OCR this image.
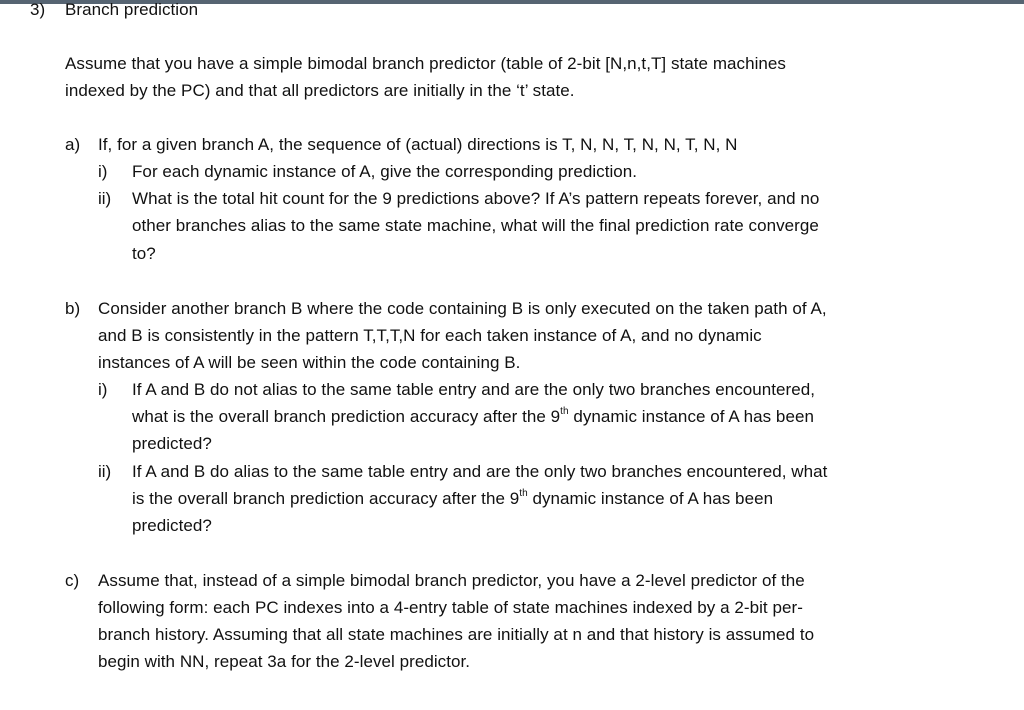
3) Branch prediction
Assume that you have a simple bimodal branch predictor (table of 2-bit [N,n,t,T] state machines
indexed by the PC) and that all predictors are initially in the ‘t’ state.
a) If, for a given branch A, the sequence of (actual) directions is T, N, N, T, N, N, T, N, N
i) For each dynamic instance of A, give the corresponding prediction.
ii) What is the total hit count for the 9 predictions above? If A’s pattern repeats forever, and no
other branches alias to the same state machine, what will the final prediction rate converge
to?
b) Consider another branch B where the code containing B is only executed on the taken path of A,
and B is consistently in the pattern T,T,T,N for each taken instance of A, and no dynamic
instances of A will be seen within the code containing B.
i) If A and B do not alias to the same table entry and are the only two branches encountered,
what is the overall branch prediction accuracy after the 9th dynamic instance of A has been
predicted?
ii) If A and B do alias to the same table entry and are the only two branches encountered, what
is the overall branch prediction accuracy after the 9th dynamic instance of A has been
predicted?
c) Assume that, instead of a simple bimodal branch predictor, you have a 2-level predictor of the
following form: each PC indexes into a 4-entry table of state machines indexed by a 2-bit per-
branch history. Assuming that all state machines are initially at n and that history is assumed to
begin with NN, repeat 3a for the 2-level predictor.
